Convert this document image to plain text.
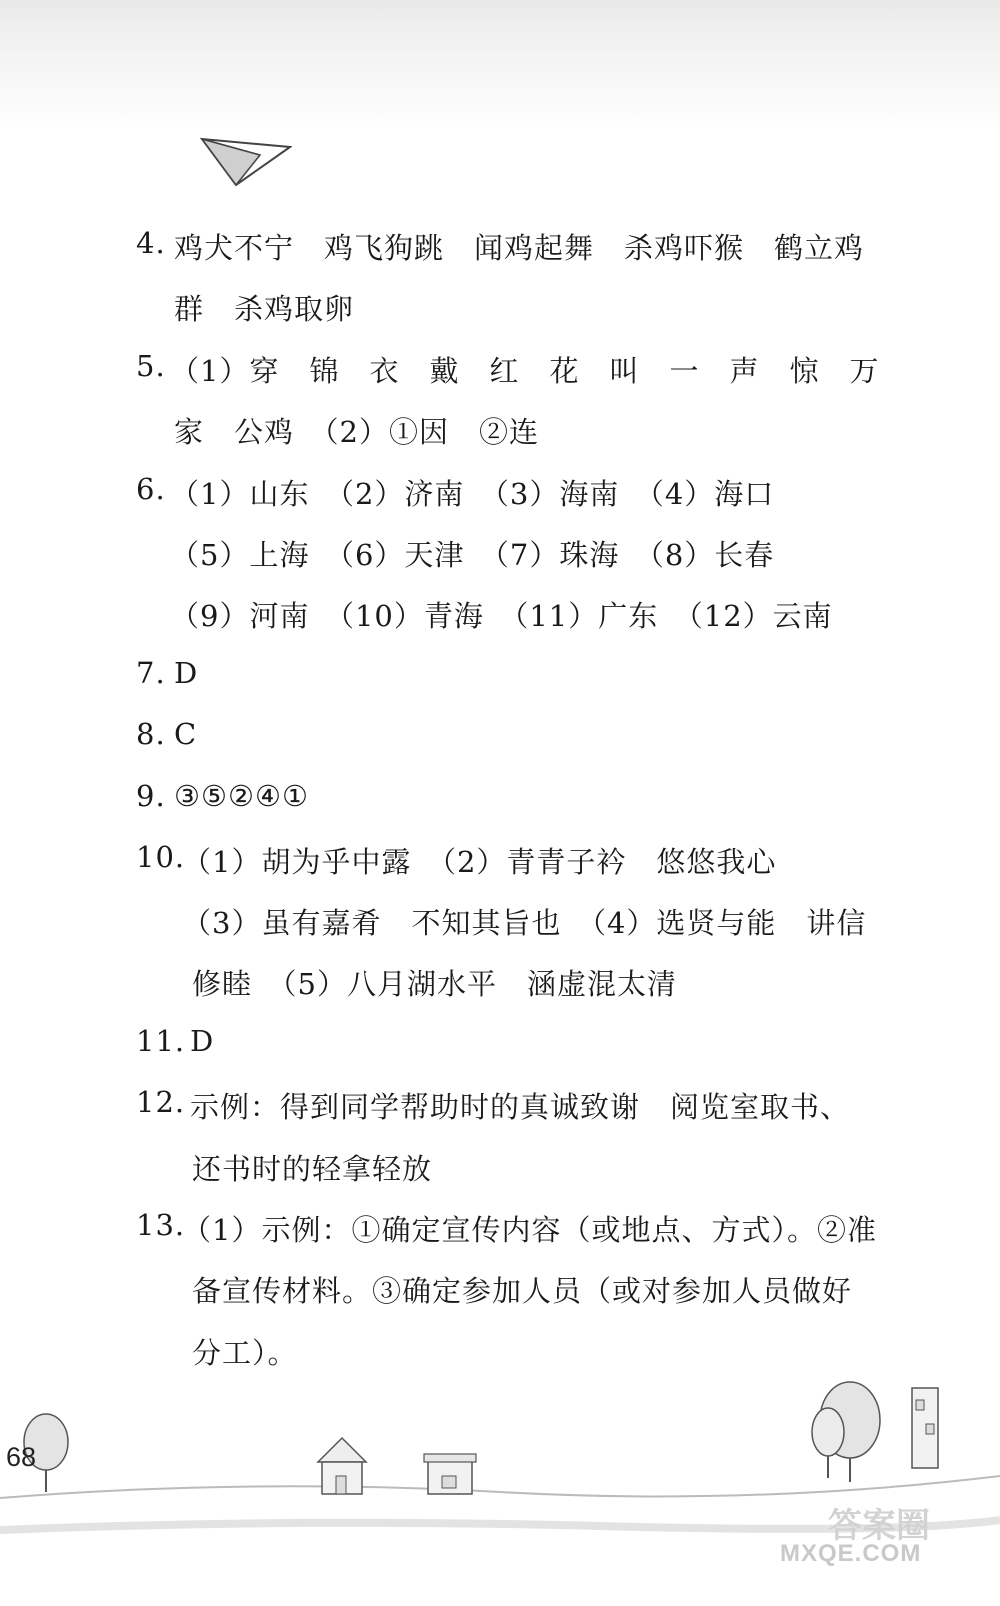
4. 鸡犬不宁　鸡飞狗跳　闻鸡起舞　杀鸡吓猴　鹤立鸡
群　杀鸡取卵
5. （1）穿　锦　衣　戴　红　花　叫　一　声　惊　万
家　公鸡　（2）①因　②连
6. （1）山东　（2）济南　（3）海南　（4）海口
（5）上海　（6）天津　（7）珠海　（8）长春
（9）河南　（10）青海　（11）广东　（12）云南
7. D
8. C
9. ③⑤②④①
10.
（1）胡为乎中露　（2）青青子衿　悠悠我心
（3）虽有嘉肴　不知其旨也　（4）选贤与能　讲信
修睦　（5）八月湖水平　涵虚混太清
11. D
12. 示例：得到同学帮助时的真诚致谢　阅览室取书、
还书时的轻拿轻放
13.
（1）示例：①确定宣传内容（或地点、方式）。②准
备宣传材料。③确定参加人员（或对参加人员做好
分工）。
68
答案圈
MXQE.COM
